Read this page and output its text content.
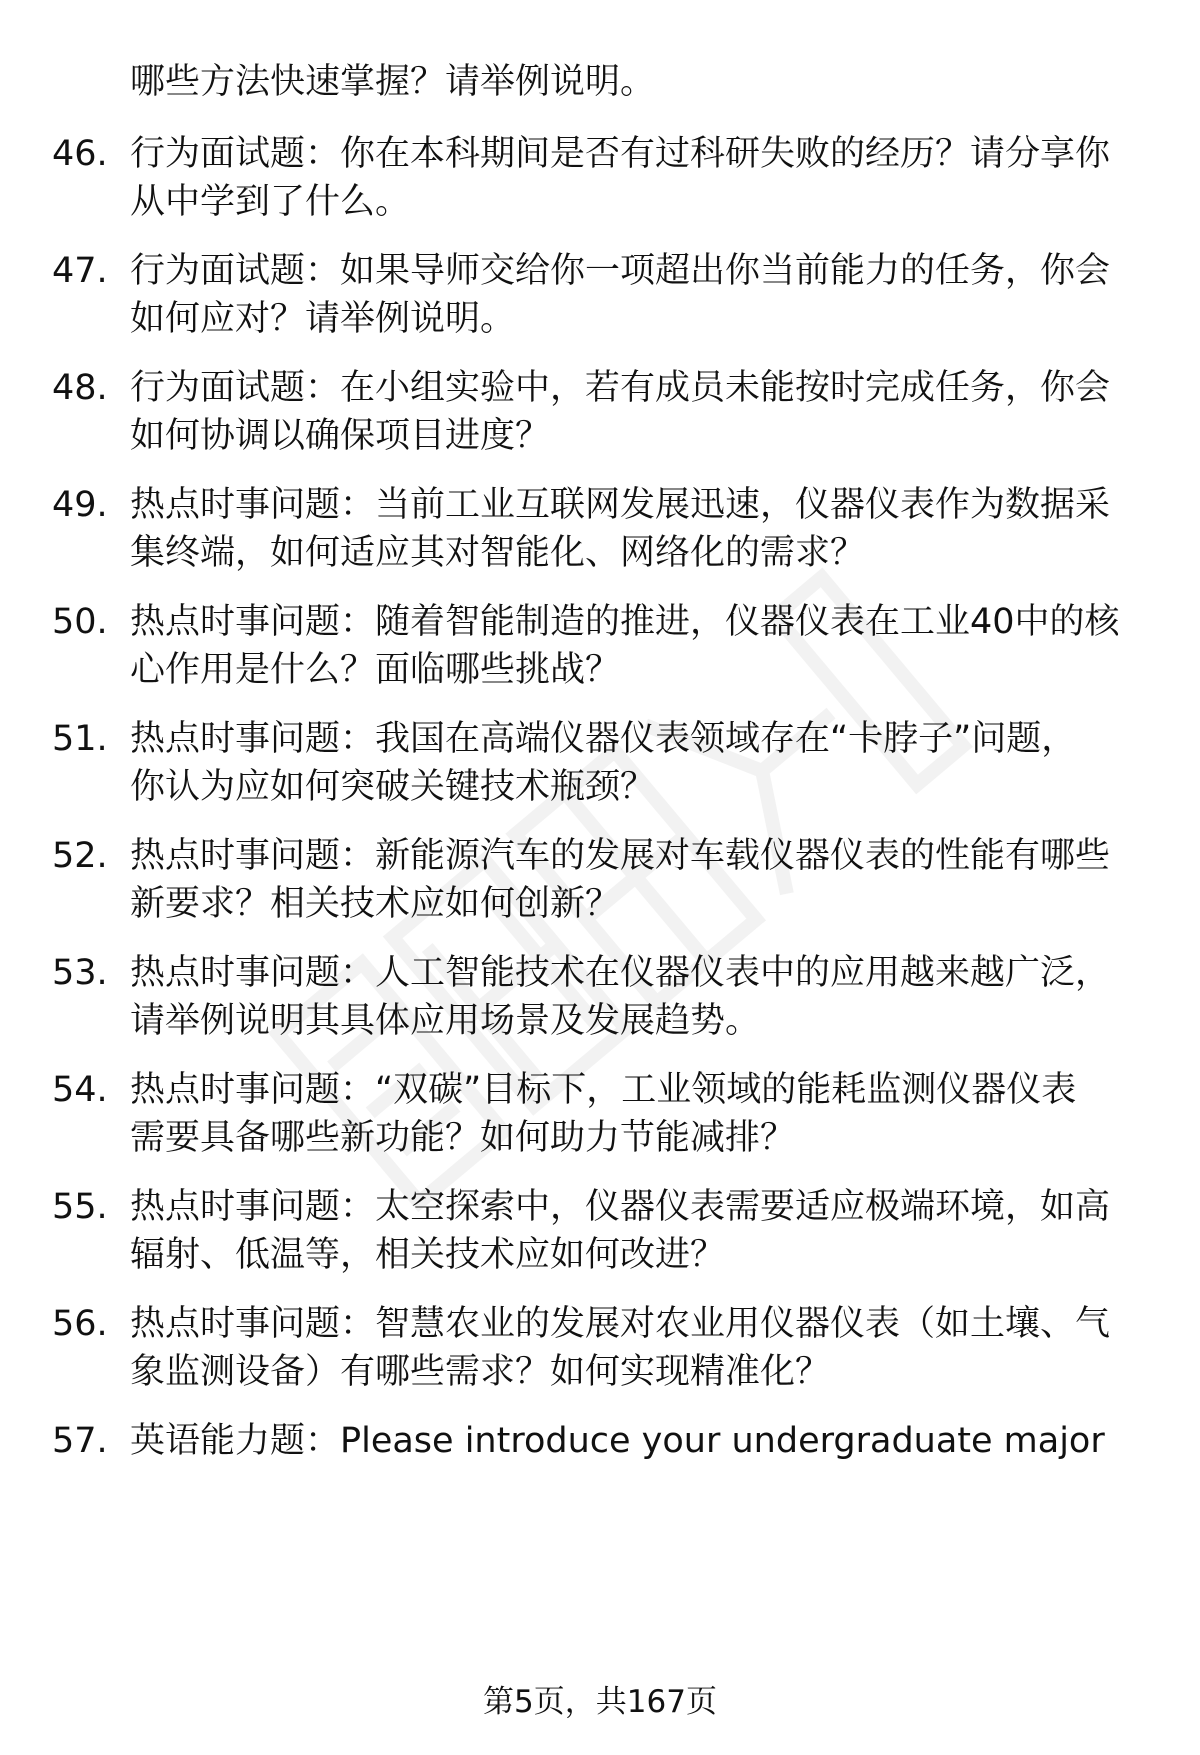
哪些方法快速掌握？请举例说明。
46. 行为面试题：你在本科期间是否有过科研失败的经历？请分享你
从中学到了什么。
47. 行为面试题：如果导师交给你一项超出你当前能力的任务，你会
如何应对？请举例说明。
48. 行为面试题：在小组实验中，若有成员未能按时完成任务，你会
如何协调以确保项目进度？
49. 热点时事问题：当前工业互联网发展迅速，仪器仪表作为数据采
集终端，如何适应其对智能化、网络化的需求？
50. 热点时事问题：随着智能制造的推进，仪器仪表在工业40中的核
心作用是什么？面临哪些挑战？
51. 热点时事问题：我国在高端仪器仪表领域存在“卡脖子”问题，
你认为应如何突破关键技术瓶颈？
52. 热点时事问题：新能源汽车的发展对车载仪器仪表的性能有哪些
新要求？相关技术应如何创新？
53. 热点时事问题：人工智能技术在仪器仪表中的应用越来越广泛，
请举例说明其具体应用场景及发展趋势。
54. 热点时事问题：“双碳”目标下，工业领域的能耗监测仪器仪表
需要具备哪些新功能？如何助力节能减排？
55. 热点时事问题：太空探索中，仪器仪表需要适应极端环境，如高
辐射、低温等，相关技术应如何改进？
56. 热点时事问题：智慧农业的发展对农业用仪器仪表（如土壤、气
象监测设备）有哪些需求？如何实现精准化？
57. 英语能力题：Please introduce your undergraduate major
第5页，共167页
